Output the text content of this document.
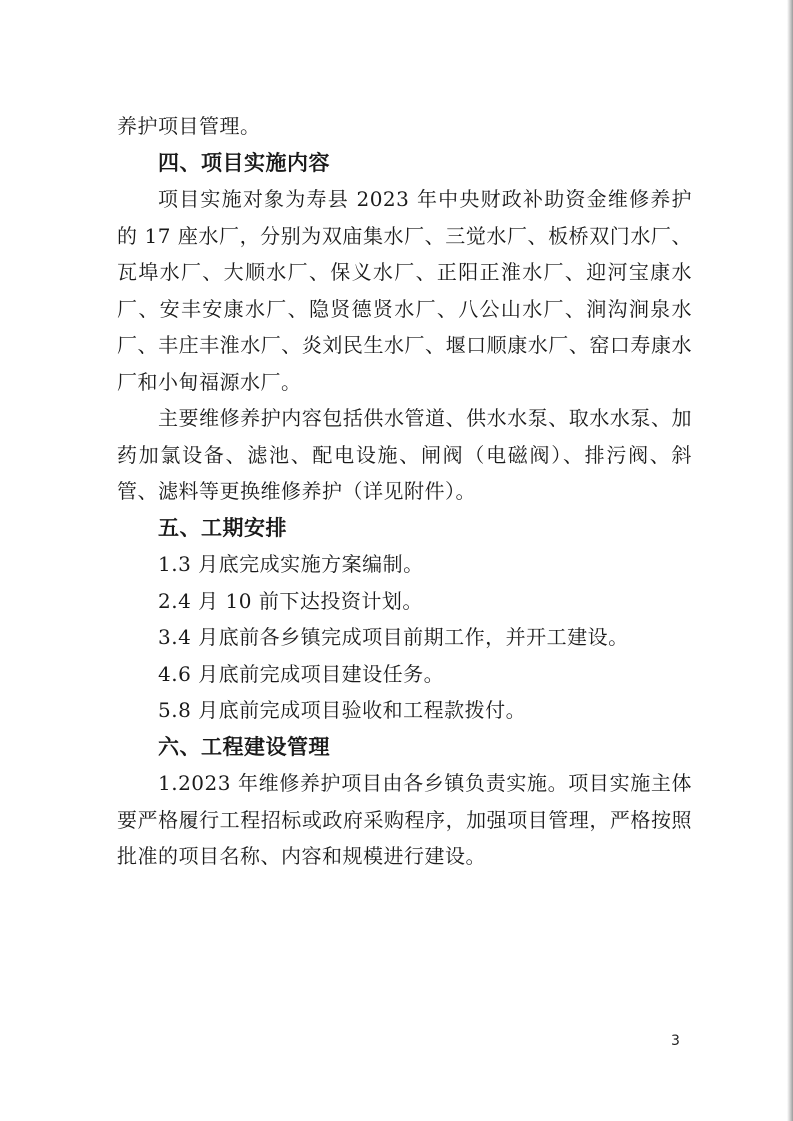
养护项目管理。

四、项目实施内容

项目实施对象为寿县 2023 年中央财政补助资金维修养护的 17 座水厂，分别为双庙集水厂、三觉水厂、板桥双门水厂、瓦埠水厂、大顺水厂、保义水厂、正阳正淮水厂、迎河宝康水厂、安丰安康水厂、隐贤德贤水厂、八公山水厂、涧沟涧泉水厂、丰庄丰淮水厂、炎刘民生水厂、堰口顺康水厂、窑口寿康水厂和小甸福源水厂。

主要维修养护内容包括供水管道、供水水泵、取水水泵、加药加氯设备、滤池、配电设施、闸阀（电磁阀）、排污阀、斜管、滤料等更换维修养护（详见附件）。

五、工期安排

1.3 月底完成实施方案编制。

2.4 月 10 前下达投资计划。

3.4 月底前各乡镇完成项目前期工作，并开工建设。

4.6 月底前完成项目建设任务。

5.8 月底前完成项目验收和工程款拨付。

六、工程建设管理

1.2023 年维修养护项目由各乡镇负责实施。项目实施主体要严格履行工程招标或政府采购程序，加强项目管理，严格按照批准的项目名称、内容和规模进行建设。

3
